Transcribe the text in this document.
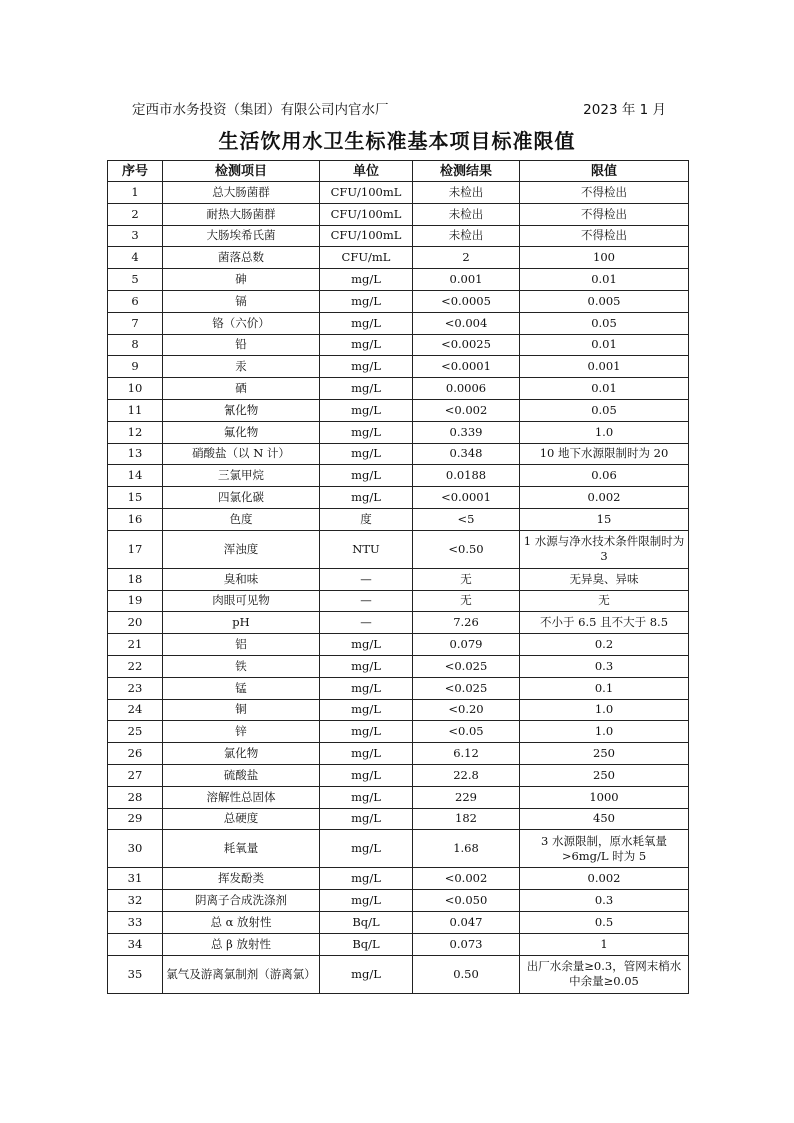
定西市水务投资（集团）有限公司内官水厂	2023 年 1 月
生活饮用水卫生标准基本项目标准限值
序号	检测项目	单位	检测结果	限值
1	总大肠菌群	CFU/100mL	未检出	不得检出
2	耐热大肠菌群	CFU/100mL	未检出	不得检出
3	大肠埃希氏菌	CFU/100mL	未检出	不得检出
4	菌落总数	CFU/mL	2	100
5	砷	mg/L	0.001	0.01
6	镉	mg/L	<0.0005	0.005
7	铬（六价）	mg/L	<0.004	0.05
8	铅	mg/L	<0.0025	0.01
9	汞	mg/L	<0.0001	0.001
10	硒	mg/L	0.0006	0.01
11	氰化物	mg/L	<0.002	0.05
12	氟化物	mg/L	0.339	1.0
13	硝酸盐（以 N 计）	mg/L	0.348	10 地下水源限制时为 20
14	三氯甲烷	mg/L	0.0188	0.06
15	四氯化碳	mg/L	<0.0001	0.002
16	色度	度	<5	15
17	浑浊度	NTU	<0.50	1 水源与净水技术条件限制时为 3
18	臭和味	—	无	无异臭、异味
19	肉眼可见物	—	无	无
20	pH	—	7.26	不小于 6.5 且不大于 8.5
21	铝	mg/L	0.079	0.2
22	铁	mg/L	<0.025	0.3
23	锰	mg/L	<0.025	0.1
24	铜	mg/L	<0.20	1.0
25	锌	mg/L	<0.05	1.0
26	氯化物	mg/L	6.12	250
27	硫酸盐	mg/L	22.8	250
28	溶解性总固体	mg/L	229	1000
29	总硬度	mg/L	182	450
30	耗氧量	mg/L	1.68	3 水源限制，原水耗氧量>6mg/L 时为 5
31	挥发酚类	mg/L	<0.002	0.002
32	阴离子合成洗涤剂	mg/L	<0.050	0.3
33	总 α 放射性	Bq/L	0.047	0.5
34	总 β 放射性	Bq/L	0.073	1
35	氯气及游离氯制剂（游离氯）	mg/L	0.50	出厂水余量≥0.3，管网末梢水中余量≥0.05
